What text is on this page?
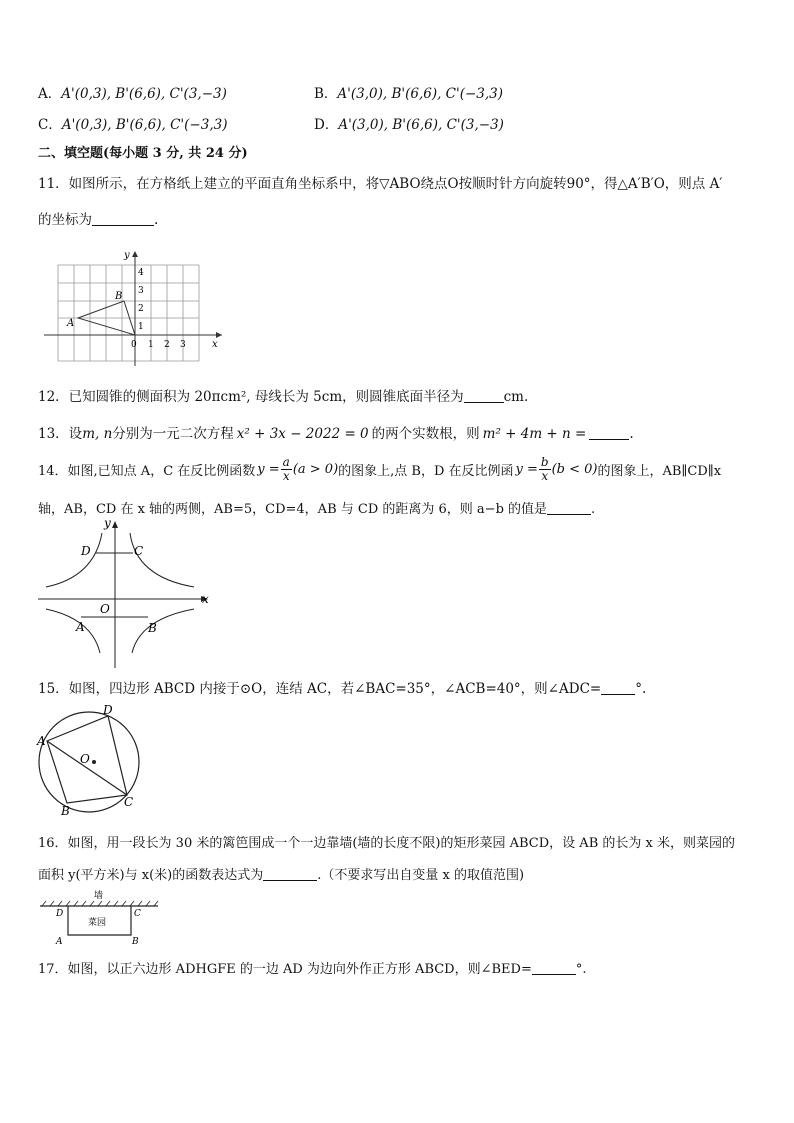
A．A'(0,3), B'(6,6), C'(3,−3)	B．A'(3,0), B'(6,6), C'(−3,3)
C．A'(0,3), B'(6,6), C'(−3,3)	D．A'(3,0), B'(6,6), C'(3,−3)
二、填空题(每小题 3 分, 共 24 分)
11．如图所示，在方格纸上建立的平面直角坐标系中，将▽ABO绕点O按顺时针方向旋转90°，得△A′B′O，则点 A′
的坐标为	.
y
x
A
B
4
3
2
1
0 1 2 3
12．已知圆锥的侧面积为 20πcm², 母线长为 5cm，则圆锥底面半径为	cm.
13．设m, n分别为一元二次方程 x² + 3x − 2022 = 0 的两个实数根，则 m² + 4m + n =	.
14．如图,已知点 A，C 在反比例函数 $y = \frac{a}{x} (a > 0)$ 的图象上,点 B，D 在反比例函 $y = \frac{b}{x} (b < 0)$ 的图象上，AB∥CD∥x
轴，AB，CD 在 x 轴的两侧，AB=5，CD=4，AB 与 CD 的距离为 6，则 a−b 的值是	.
y
x
O
D	C
A	B
15．如图，四边形 ABCD 内接于⊙O，连结 AC，若∠BAC=35°，∠ACB=40°，则∠ADC=	°.
A
D
C
B
O
16．如图，用一段长为 30 米的篱笆围成一个一边靠墙(墙的长度不限)的矩形菜园 ABCD，设 AB 的长为 x 米，则菜园的
面积 y(平方米)与 x(米)的函数表达式为	.（不要求写出自变量 x 的取值范围)
墙
菜园
D	C
A	B
17．如图，以正六边形 ADHGFE 的一边 AD 为边向外作正方形 ABCD，则∠BED=	°.
